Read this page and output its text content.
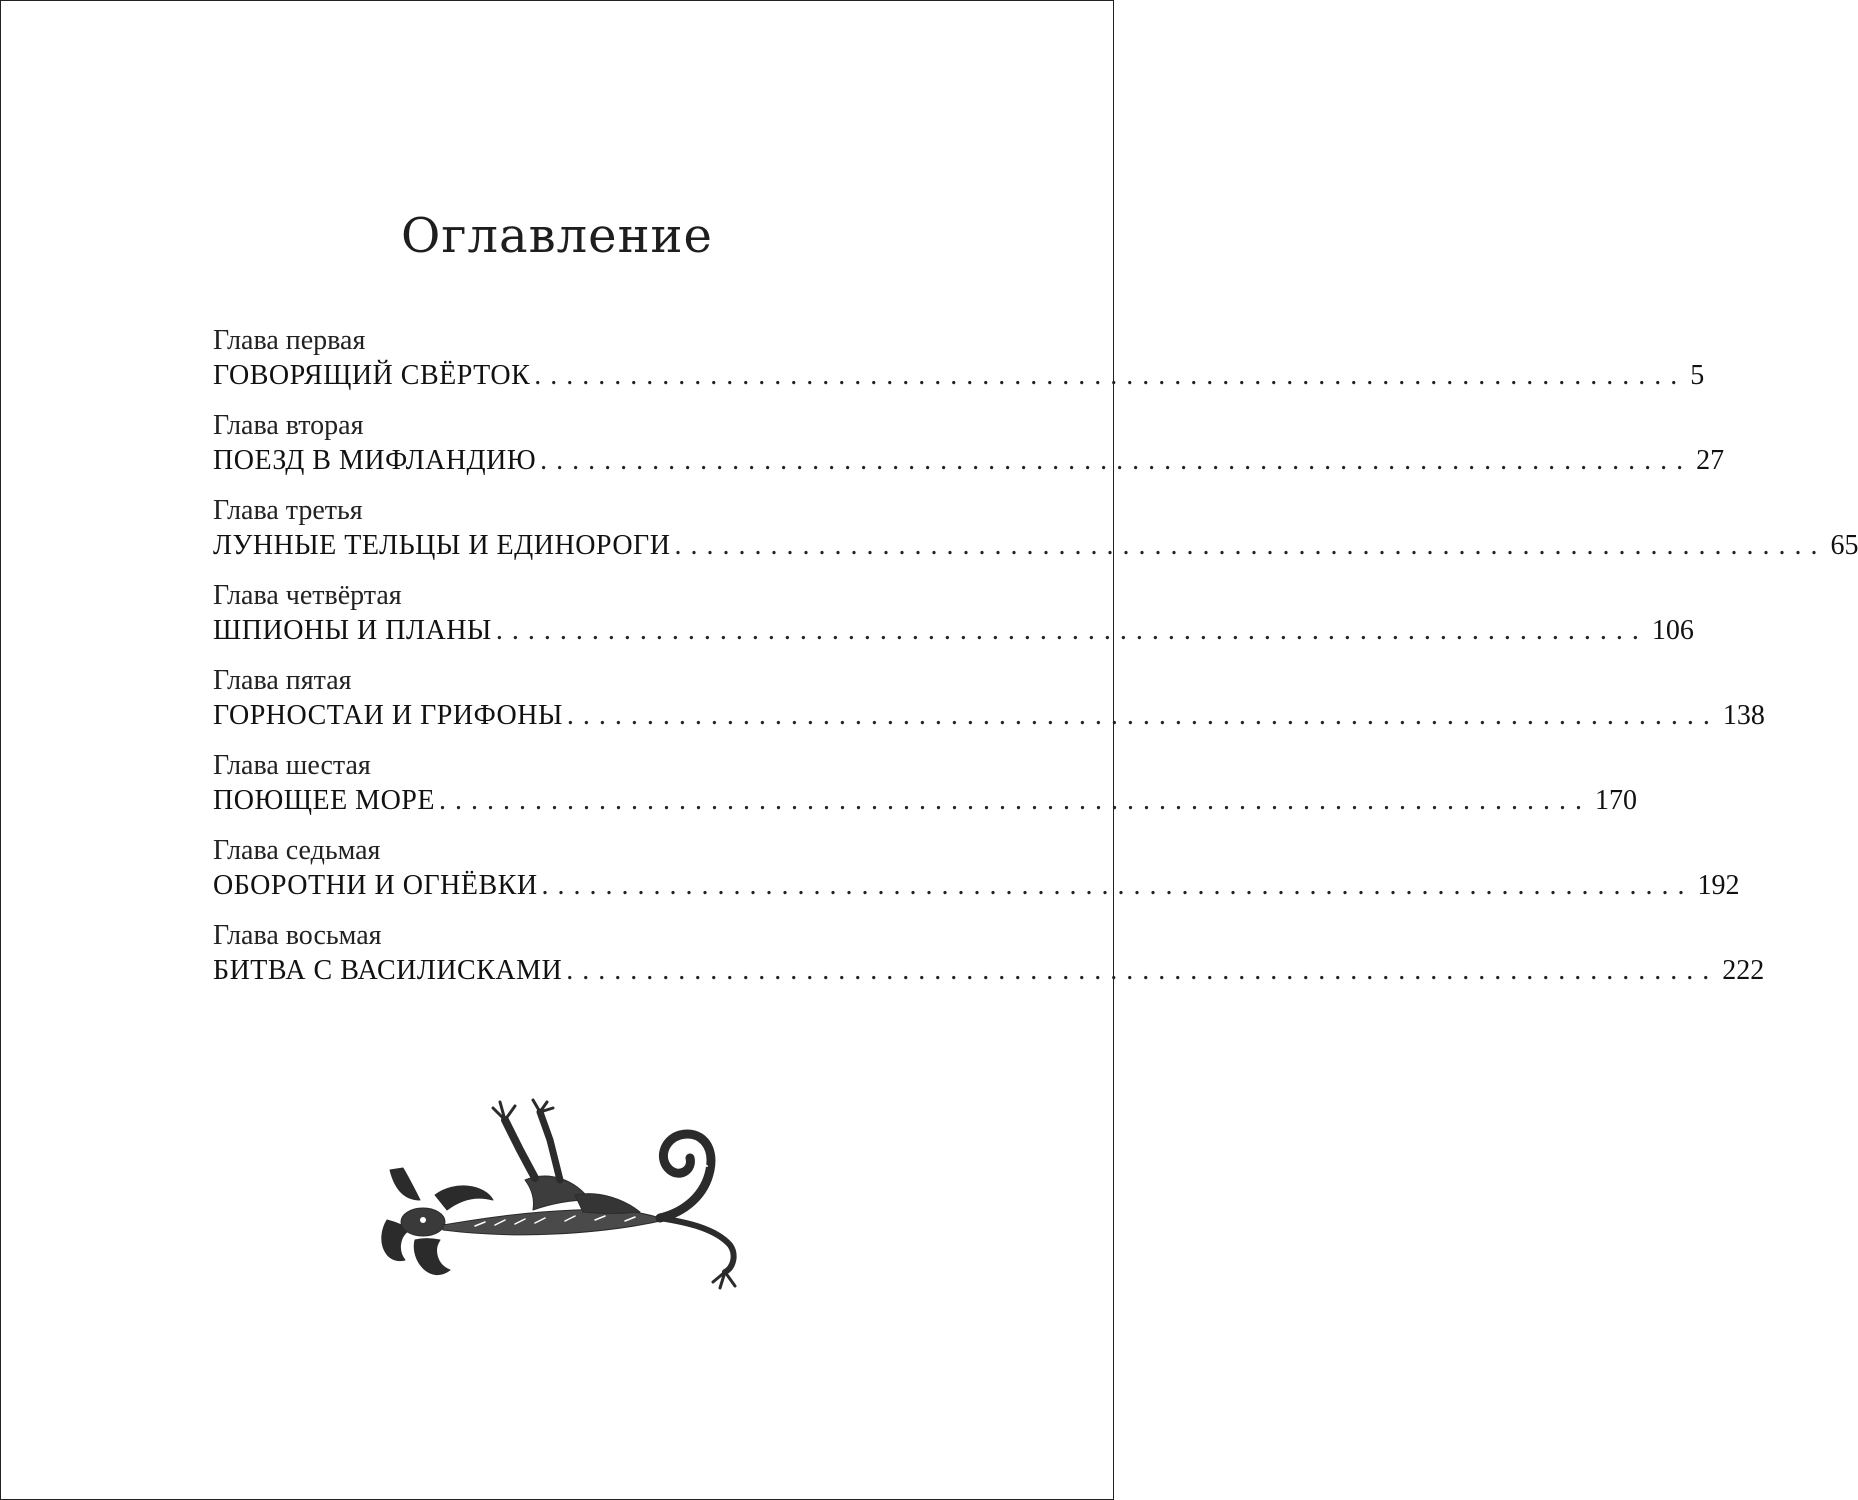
Оглавление
Глава первая
ГОВОРЯЩИЙ СВЁРТОК ........................................................................ 5
Глава вторая
ПОЕЗД В МИФЛАНДИЮ ........................................................................ 27
Глава третья
ЛУННЫЕ ТЕЛЬЦЫ И ЕДИНОРОГИ ........................................................................ 65
Глава четвёртая
ШПИОНЫ И ПЛАНЫ ........................................................................ 106
Глава пятая
ГОРНОСТАИ И ГРИФОНЫ ........................................................................ 138
Глава шестая
ПОЮЩЕЕ МОРЕ ........................................................................ 170
Глава седьмая
ОБОРОТНИ И ОГНЁВКИ ........................................................................ 192
Глава восьмая
БИТВА С ВАСИЛИСКАМИ ........................................................................ 222
